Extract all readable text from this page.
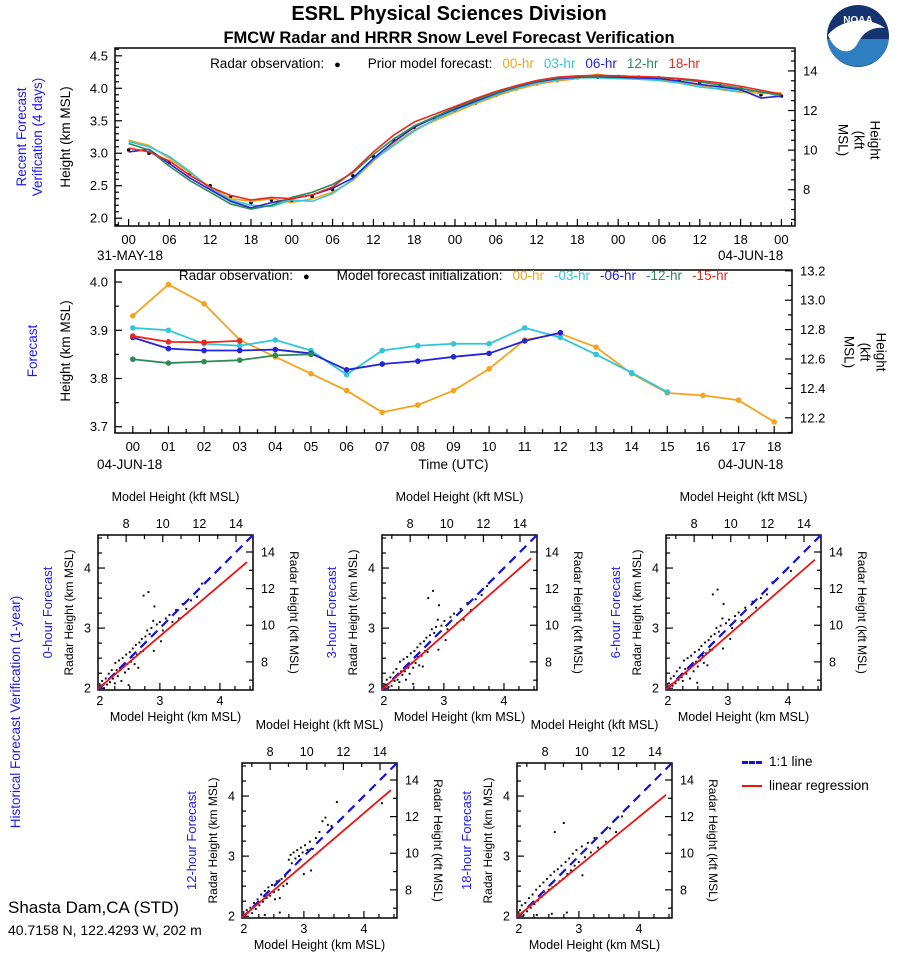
ESRL Physical Sciences Division
FMCW Radar and HRRR Snow Level Forecast Verification
NOAA
Recent Forecast
Verification (4 days) Height (km MSL)	Height (kft MSL)
00 06 12 18 00 06 12 18 00 06 12 18 00 06 12 18 00
2.0
2.5
3.0
3.5
4.0
4.5
8
10
12
14
Radar observation: ● Prior model forecast: 00-hr 03-hr 06-hr 12-hr 18-hr
31-MAY-18	04-JUN-18
Forecast Height (km MSL)	Height (kft MSL)
00 01 02 03 04 05 06 07 08 09 10 11 12 13 14 15 16 17 18
3.7
3.8
3.9
4.0
12.2
12.4
12.6
12.8
13.0
13.2
Radar observation: ● Model forecast initialization: 00-hr -03-hr -06-hr -12-hr -15-hr
04-JUN-18	04-JUN-18
Time (UTC)
Historical Forecast Verification (1-year)	2	3	4
2
3
4
8
10
12
14
8 10 12 14
Model Height (kft MSL)
Model Height (km MSL)
0-hour Forecast Radar Height (km MSL)	Radar Height (kft MSL)
2	3	4
2
3
4
8
10
12
14
8 10 12 14
Model Height (kft MSL)
Model Height (km MSL)
3-hour Forecast Radar Height (km MSL)	Radar Height (kft MSL)
2	3	4
2
3
4
8
10
12
14
8 10 12 14
Model Height (kft MSL)
Model Height (km MSL)
6-hour Forecast Radar Height (km MSL)	Radar Height (kft MSL)
2	3	4
2
3
4
8
10
12
14
8 10 12 14
Model Height (kft MSL)
Model Height (km MSL)
12-hour Forecast Radar Height (km MSL)	Radar Height (kft MSL)
2	3	4
2
3
4
8
10
12
14
8 10 12 14
Model Height (kft MSL)
Model Height (km MSL)
18-hour Forecast Radar Height (km MSL)	Radar Height (kft MSL)
1:1 line
linear regression
Shasta Dam,CA (STD)
40.7158 N, 122.4293 W, 202 m
